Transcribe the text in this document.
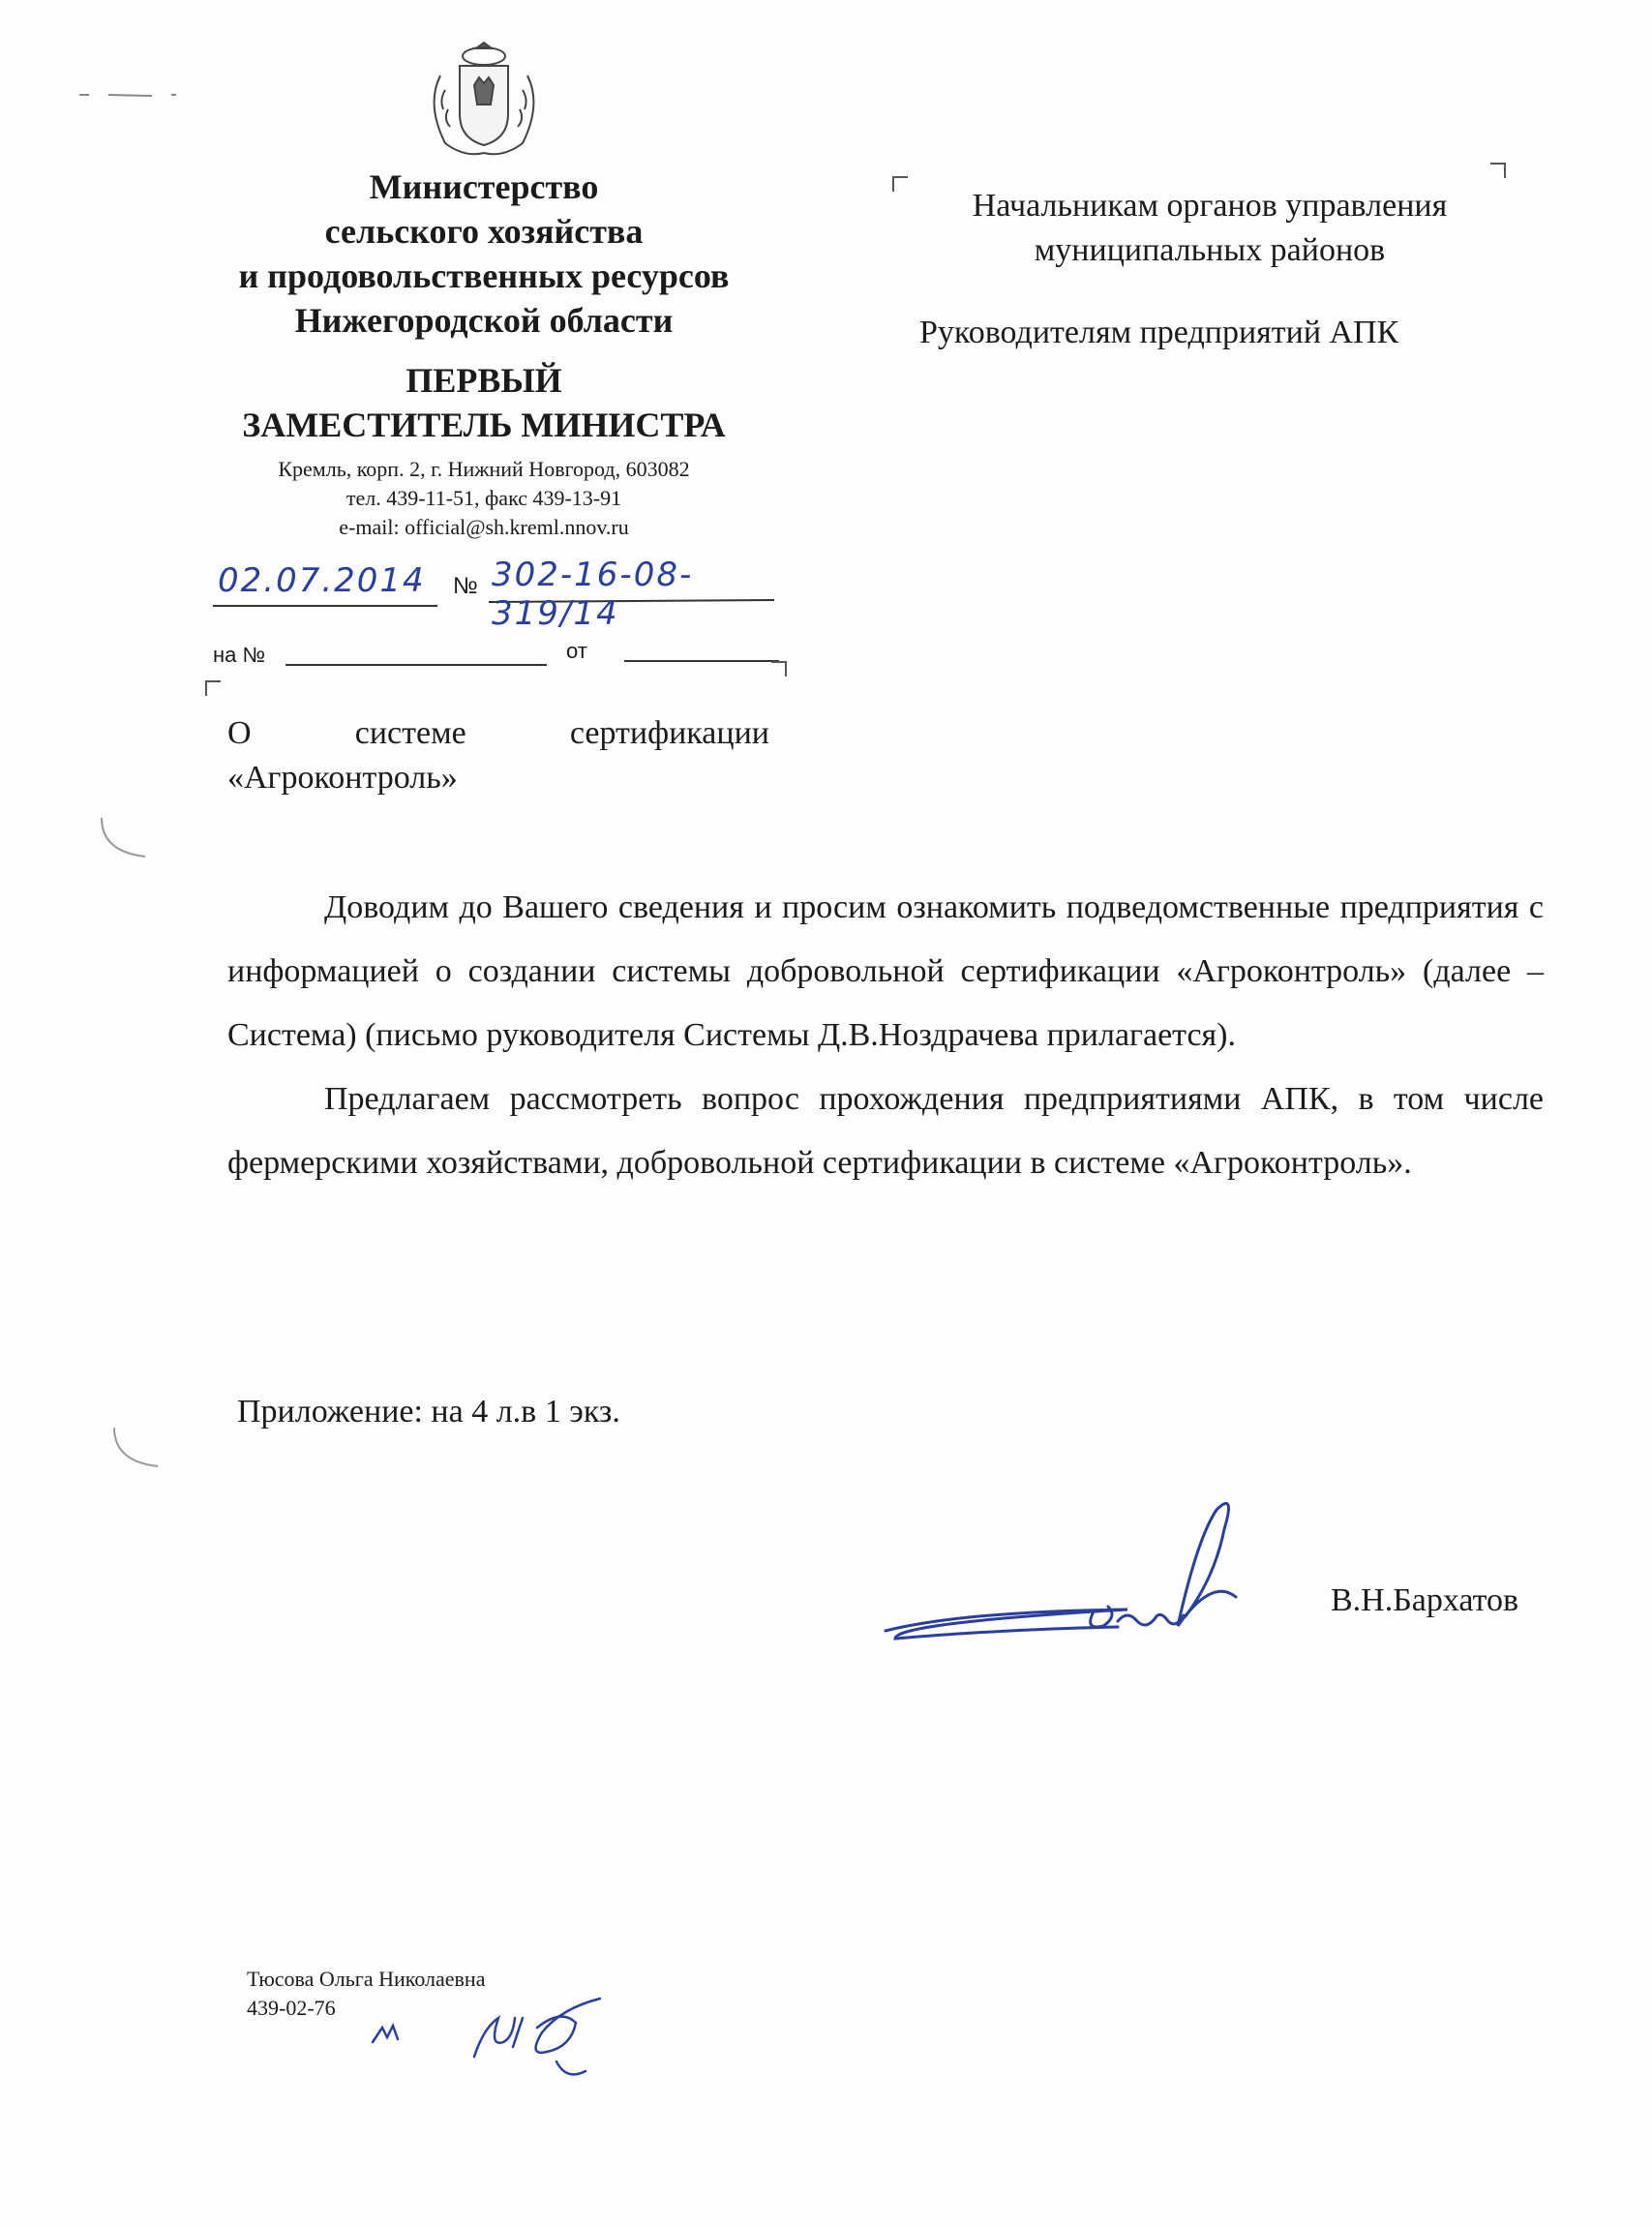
Министерство
сельского хозяйства
и продовольственных ресурсов
Нижегородской области
ПЕРВЫЙ
ЗАМЕСТИТЕЛЬ МИНИСТРА
Кремль, корп. 2, г. Нижний Новгород, 603082
тел. 439-11-51, факс 439-13-91
e-mail: official@sh.kreml.nnov.ru
02.07.2014	№ 302-16-08-319/14
на №	от
О	системе	сертификации
«Агроконтроль»
Начальникам органов управления
муниципальных районов
Руководителям предприятий АПК

Доводим до Вашего сведения и просим ознакомить подведомственные предприятия с информацией о создании системы добровольной сертификации «Агроконтроль» (далее – Система) (письмо руководителя Системы Д.В.Ноздрачева прилагается).

Предлагаем рассмотреть вопрос прохождения предприятиями АПК, в том числе фермерскими хозяйствами, добровольной сертификации в системе «Агроконтроль».

Приложение: на 4 л.в 1 экз.
В.Н.Бархатов
Тюсова Ольга Николаевна
439-02-76
